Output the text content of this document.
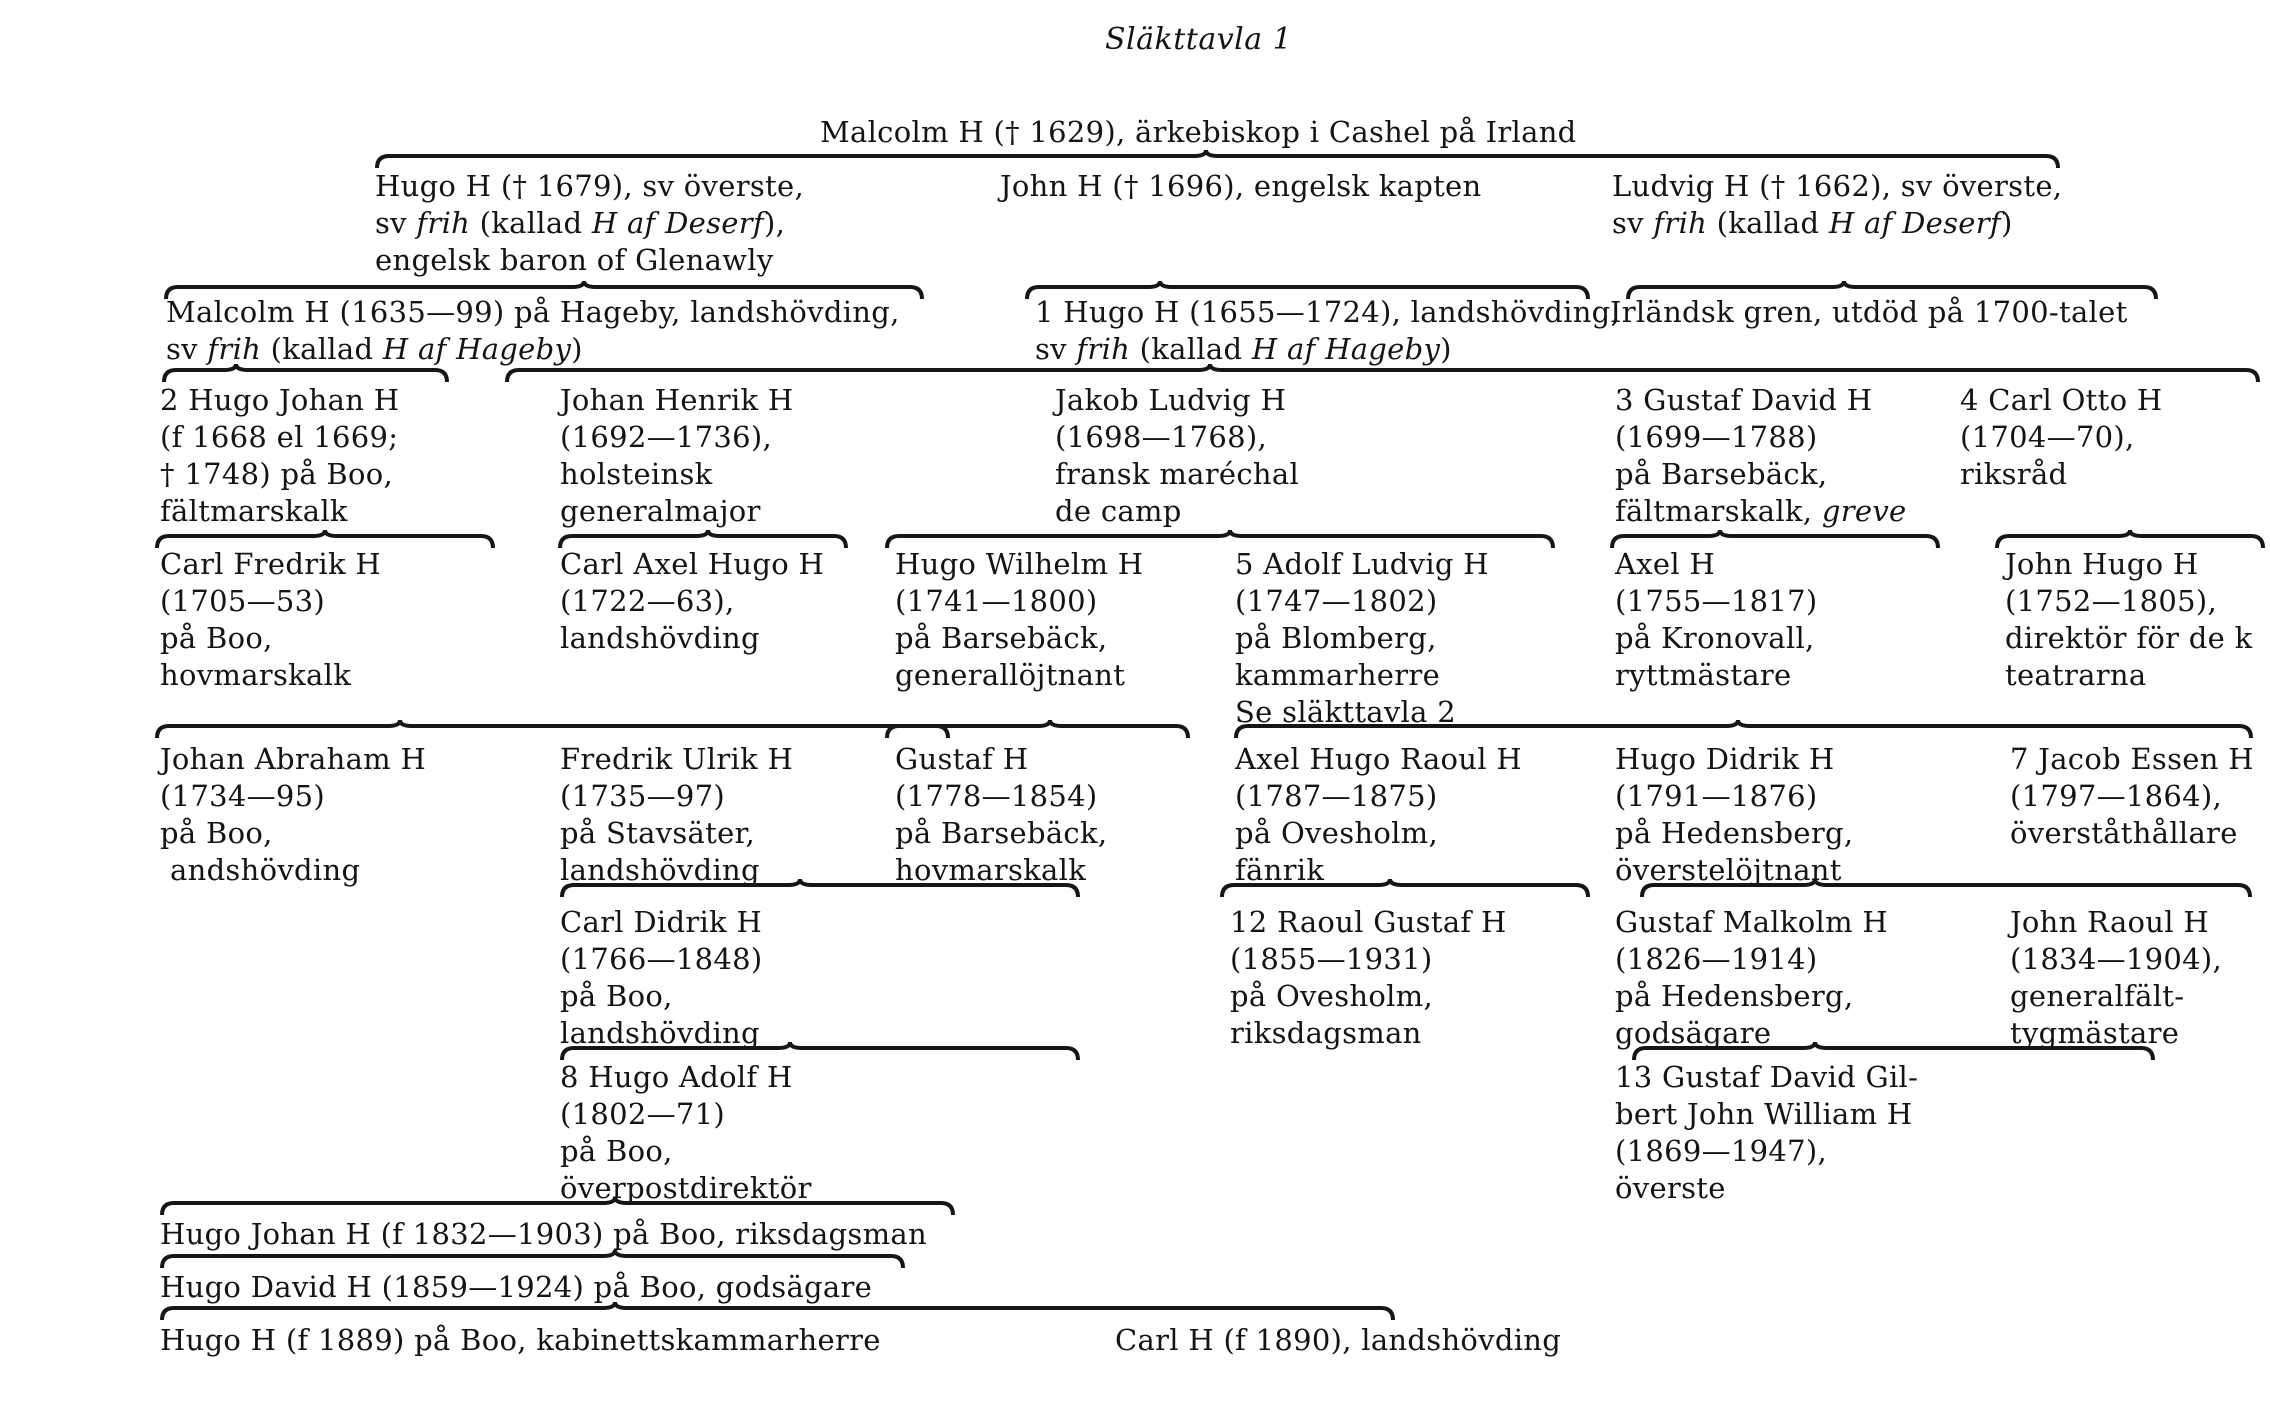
Släkttavla 1
Malcolm H († 1629), ärkebiskop i Cashel på Irland
Hugo H († 1679), sv överste,
sv frih (kallad H af Deserf),
engelsk baron of Glenawly
John H († 1696), engelsk kapten	Ludvig H († 1662), sv överste,
sv frih (kallad H af Deserf)
Malcolm H (1635—99) på Hageby, landshövding,
sv frih (kallad H af Hageby)
1 Hugo H (1655—1724), landshövding,
sv frih (kallad H af Hageby)
Irländsk gren, utdöd på 1700-talet
2 Hugo Johan H
(f 1668 el 1669;
† 1748) på Boo,
fältmarskalk
Johan Henrik H
(1692—1736),
holsteinsk
generalmajor
Jakob Ludvig H
(1698—1768),
fransk maréchal
de camp
3 Gustaf David H
(1699—1788)
på Barsebäck,
fältmarskalk, greve
4 Carl Otto H
(1704—70),
riksråd
Carl Fredrik H
(1705—53)
på Boo,
hovmarskalk
Carl Axel Hugo H
(1722—63),
landshövding
Hugo Wilhelm H
(1741—1800)
på Barsebäck,
generallöjtnant
5 Adolf Ludvig H
(1747—1802)
på Blomberg,
kammarherre
Se släkttavla 2
Axel H
(1755—1817)
på Kronovall,
ryttmästare
John Hugo H
(1752—1805),
direktör för de k
teatrarna
Johan Abraham H
(1734—95)
på Boo,
andshövding
Fredrik Ulrik H
(1735—97)
på Stavsäter,
landshövding
Gustaf H
(1778—1854)
på Barsebäck,
hovmarskalk
Axel Hugo Raoul H
(1787—1875)
på Ovesholm,
fänrik
Hugo Didrik H
(1791—1876)
på Hedensberg,
överstelöjtnant
7 Jacob Essen H
(1797—1864),
överståthållare
Carl Didrik H
(1766—1848)
på Boo,
landshövding
12 Raoul Gustaf H
(1855—1931)
på Ovesholm,
riksdagsman
Gustaf Malkolm H
(1826—1914)
på Hedensberg,
godsägare
John Raoul H
(1834—1904),
generalfält-
tygmästare
8 Hugo Adolf H
(1802—71)
på Boo,
överpostdirektör
13 Gustaf David Gil-
bert John William H
(1869—1947),
överste
Hugo Johan H (f 1832—1903) på Boo, riksdagsman
Hugo David H (1859—1924) på Boo, godsägare
Hugo H (f 1889) på Boo, kabinettskammarherre	Carl H (f 1890), landshövding
